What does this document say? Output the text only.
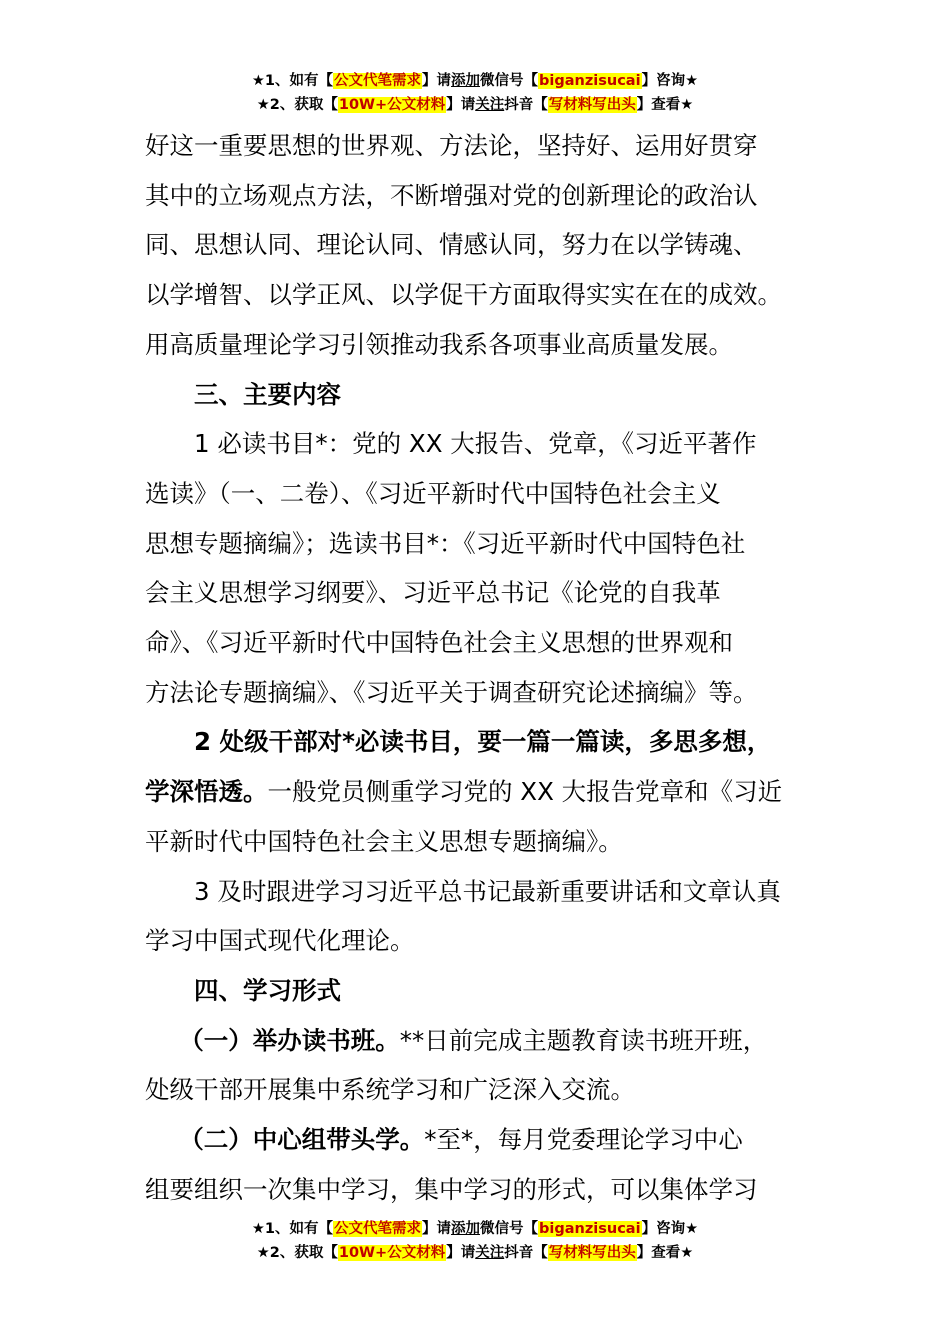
★1、如有【公文代笔需求】请添加微信号【biganzisucai】咨询★
★2、获取【10W+公文材料】请关注抖音【写材料写出头】查看★
好这一重要思想的世界观、方法论，坚持好、运用好贯穿
其中的立场观点方法，不断增强对党的创新理论的政治认
同、思想认同、理论认同、情感认同，努力在以学铸魂、
以学增智、以学正风、以学促干方面取得实实在在的成效。
用高质量理论学习引领推动我系各项事业高质量发展。
三、主要内容
1 必读书目*：党的 XX 大报告、党章，《习近平著作
选读》（一、二卷）、《习近平新时代中国特色社会主义
思想专题摘编》；选读书目*：《习近平新时代中国特色社
会主义思想学习纲要》、习近平总书记《论党的自我革
命》、《习近平新时代中国特色社会主义思想的世界观和
方法论专题摘编》、《习近平关于调查研究论述摘编》等。
2 处级干部对*必读书目，要一篇一篇读，多思多想，
学深悟透。一般党员侧重学习党的 XX 大报告党章和《习近
平新时代中国特色社会主义思想专题摘编》。
3 及时跟进学习习近平总书记最新重要讲话和文章认真
学习中国式现代化理论。
四、学习形式
（一）举办读书班。**日前完成主题教育读书班开班，
处级干部开展集中系统学习和广泛深入交流。
（二）中心组带头学。*至*，每月党委理论学习中心
组要组织一次集中学习，集中学习的形式，可以集体学习
★1、如有【公文代笔需求】请添加微信号【biganzisucai】咨询★
★2、获取【10W+公文材料】请关注抖音【写材料写出头】查看★
